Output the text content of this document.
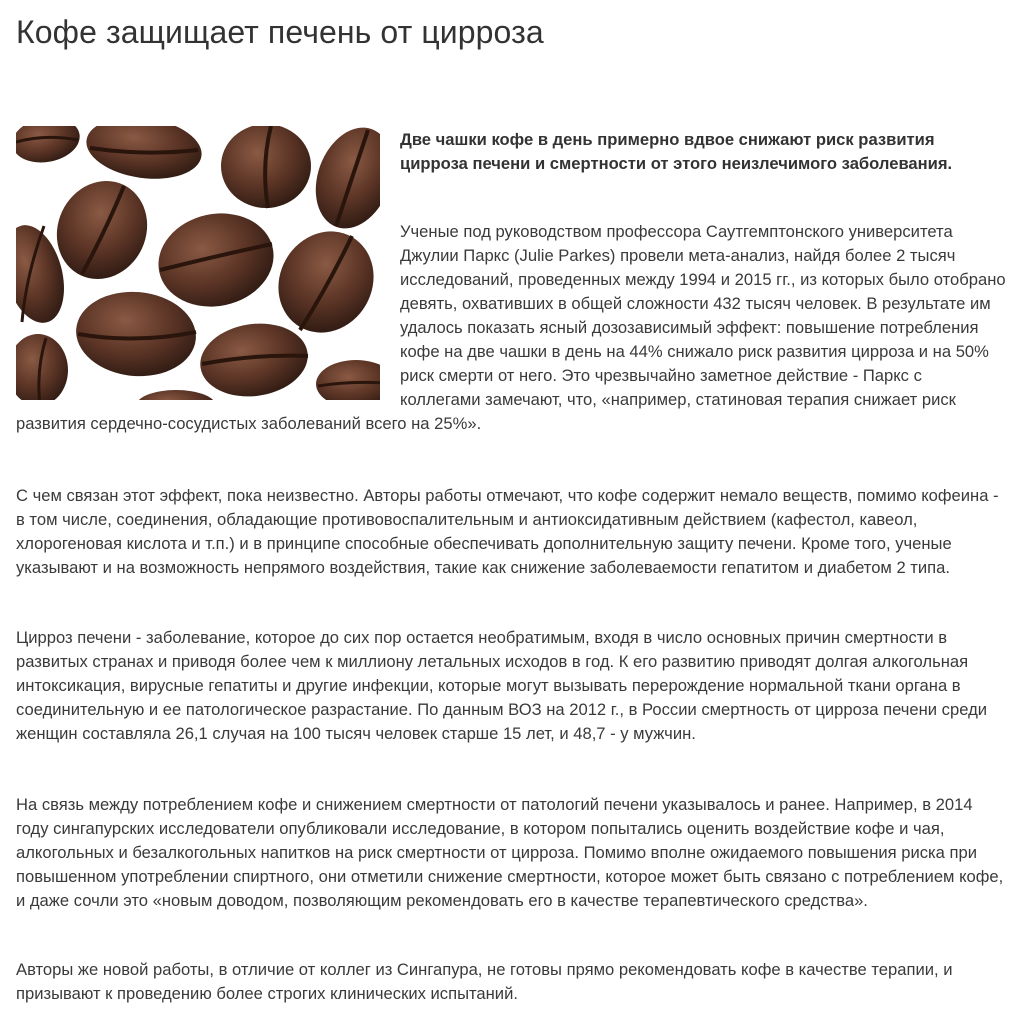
Кофе защищает печень от цирроза

Две чашки кофе в день примерно вдвое снижают риск развития цирроза печени и смертности от этого неизлечимого заболевания.

Ученые под руководством профессора Саутгемптонского университета Джулии Паркс (Julie Parkes) провели мета-анализ, найдя более 2 тысяч исследований, проведенных между 1994 и 2015 гг., из которых было отобрано девять, охвативших в общей сложности 432 тысяч человек. В результате им удалось показать ясный дозозависимый эффект: повышение потребления кофе на две чашки в день на 44% снижало риск развития цирроза и на 50% риск смерти от него. Это чрезвычайно заметное действие - Паркс с коллегами замечают, что, «например, статиновая терапия снижает риск развития сердечно-сосудистых заболеваний всего на 25%».

С чем связан этот эффект, пока неизвестно. Авторы работы отмечают, что кофе содержит немало веществ, помимо кофеина - в том числе, соединения, обладающие противовоспалительным и антиоксидативным действием (кафестол, кавеол, хлорогеновая кислота и т.п.) и в принципе способные обеспечивать дополнительную защиту печени. Кроме того, ученые указывают и на возможность непрямого воздействия, такие как снижение заболеваемости гепатитом и диабетом 2 типа.

Цирроз печени - заболевание, которое до сих пор остается необратимым, входя в число основных причин смертности в развитых странах и приводя более чем к миллиону летальных исходов в год. К его развитию приводят долгая алкогольная интоксикация, вирусные гепатиты и другие инфекции, которые могут вызывать перерождение нормальной ткани органа в соединительную и ее патологическое разрастание. По данным ВОЗ на 2012 г., в России смертность от цирроза печени среди женщин составляла 26,1 случая на 100 тысяч человек старше 15 лет, и 48,7 - у мужчин.

На связь между потреблением кофе и снижением смертности от патологий печени указывалось и ранее. Например, в 2014 году сингапурских исследователи опубликовали исследование, в котором попытались оценить воздействие кофе и чая, алкогольных и безалкогольных напитков на риск смертности от цирроза. Помимо вполне ожидаемого повышения риска при повышенном употреблении спиртного, они отметили снижение смертности, которое может быть связано с потреблением кофе, и даже сочли это «новым доводом, позволяющим рекомендовать его в качестве терапевтического средства».

Авторы же новой работы, в отличие от коллег из Сингапура, не готовы прямо рекомендовать кофе в качестве терапии, и призывают к проведению более строгих клинических испытаний.
